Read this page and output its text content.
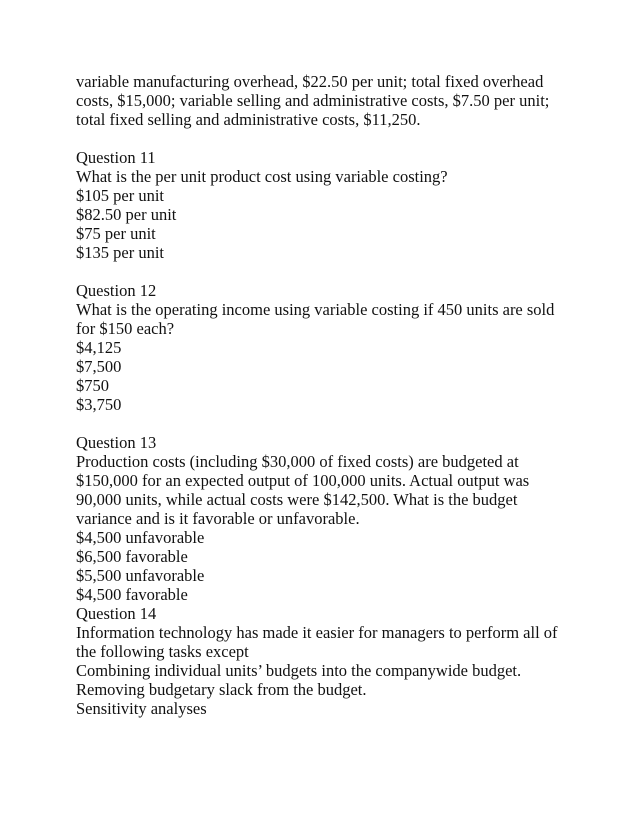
variable manufacturing overhead, $22.50 per unit; total fixed overhead

costs, $15,000; variable selling and administrative costs, $7.50 per unit;

total fixed selling and administrative costs, $11,250.

Question 11

What is the per unit product cost using variable costing?

$105 per unit

$82.50 per unit

$75 per unit

$135 per unit

Question 12

What is the operating income using variable costing if 450 units are sold

for $150 each?

$4,125

$7,500

$750

$3,750

Question 13

Production costs (including $30,000 of fixed costs) are budgeted at

$150,000 for an expected output of 100,000 units. Actual output was

90,000 units, while actual costs were $142,500. What is the budget

variance and is it favorable or unfavorable.

$4,500 unfavorable

$6,500 favorable

$5,500 unfavorable

$4,500 favorable

Question 14

Information technology has made it easier for managers to perform all of

the following tasks except

Combining individual units’ budgets into the companywide budget.

Removing budgetary slack from the budget.

Sensitivity analyses
